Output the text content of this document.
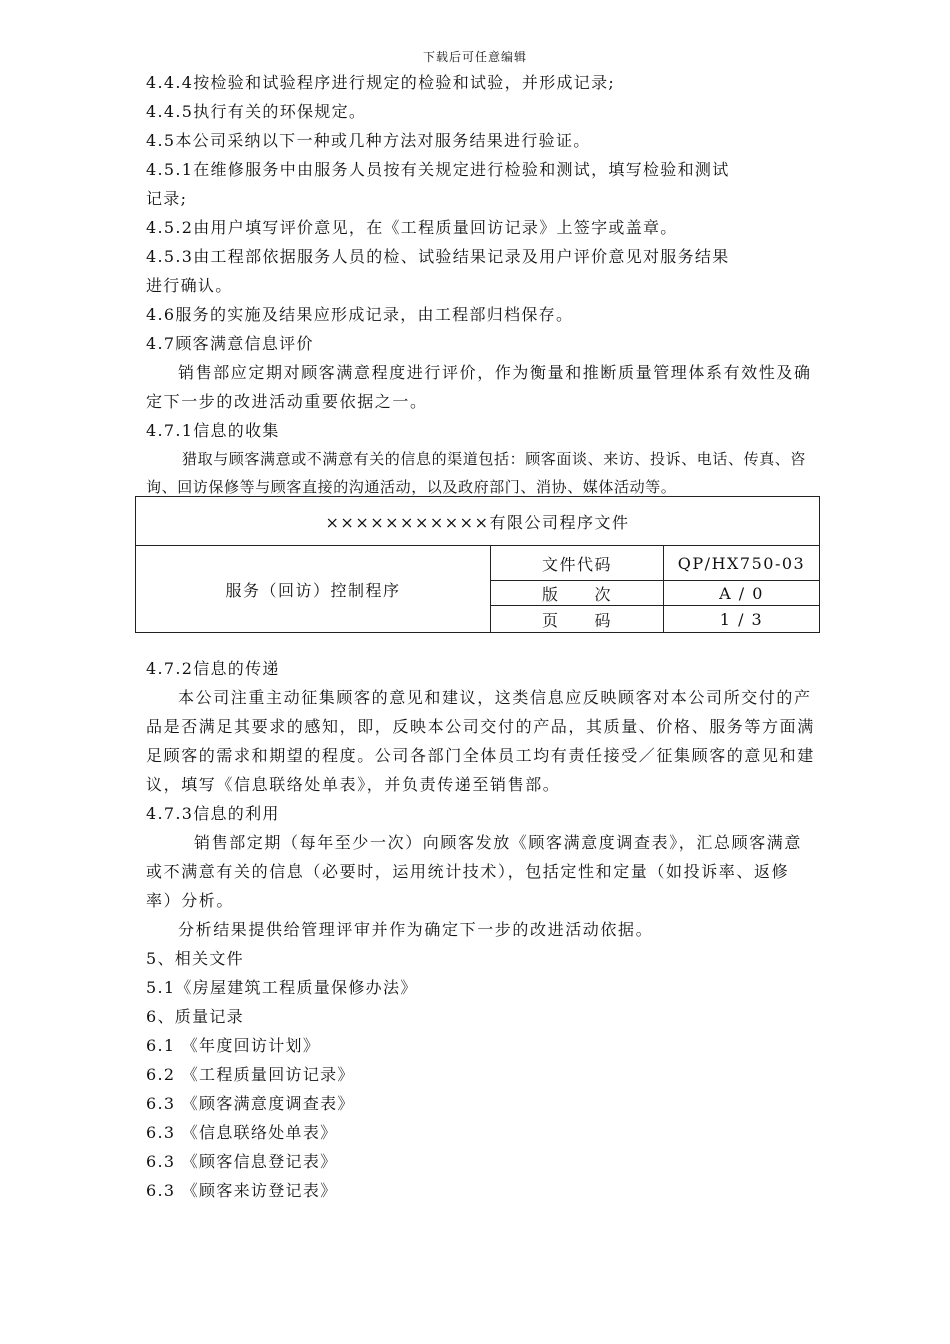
下载后可任意编辑

4.4.4按检验和试验程序进行规定的检验和试验，并形成记录;

4.4.5执行有关的环保规定。

4.5本公司采纳以下一种或几种方法对服务结果进行验证。

4.5.1在维修服务中由服务人员按有关规定进行检验和测试，填写检验和测试

记录;

4.5.2由用户填写评价意见，在《工程质量回访记录》上签字或盖章。

4.5.3由工程部依据服务人员的检、试验结果记录及用户评价意见对服务结果

进行确认。

4.6服务的实施及结果应形成记录，由工程部归档保存。

4.7顾客满意信息评价

销售部应定期对顾客满意程度进行评价，作为衡量和推断质量管理体系有效性及确定下一步的改进活动重要依据之一。

4.7.1信息的收集

猎取与顾客满意或不满意有关的信息的渠道包括：顾客面谈、来访、投诉、电话、传真、咨询、回访保修等与顾客直接的沟通活动，以及政府部门、消协、媒体活动等。

×××××××××××有限公司程序文件		
服务（回访）控制程序	文件代码	QP/HX750-03
	版　　次	A / 0
	页　　码	1 / 3

4.7.2信息的传递

本公司注重主动征集顾客的意见和建议，这类信息应反映顾客对本公司所交付的产品是否满足其要求的感知，即，反映本公司交付的产品，其质量、价格、服务等方面满足顾客的需求和期望的程度。公司各部门全体员工均有责任接受／征集顾客的意见和建议，填写《信息联络处单表》，并负责传递至销售部。

4.7.3信息的利用

销售部定期（每年至少一次）向顾客发放《顾客满意度调查表》，汇总顾客满意或不满意有关的信息（必要时，运用统计技术），包括定性和定量（如投诉率、返修率）分析。

分析结果提供给管理评审并作为确定下一步的改进活动依据。

5、相关文件

5.1《房屋建筑工程质量保修办法》

6、质量记录

6.1 《年度回访计划》

6.2 《工程质量回访记录》

6.3 《顾客满意度调查表》

6.3 《信息联络处单表》

6.3 《顾客信息登记表》

6.3 《顾客来访登记表》
